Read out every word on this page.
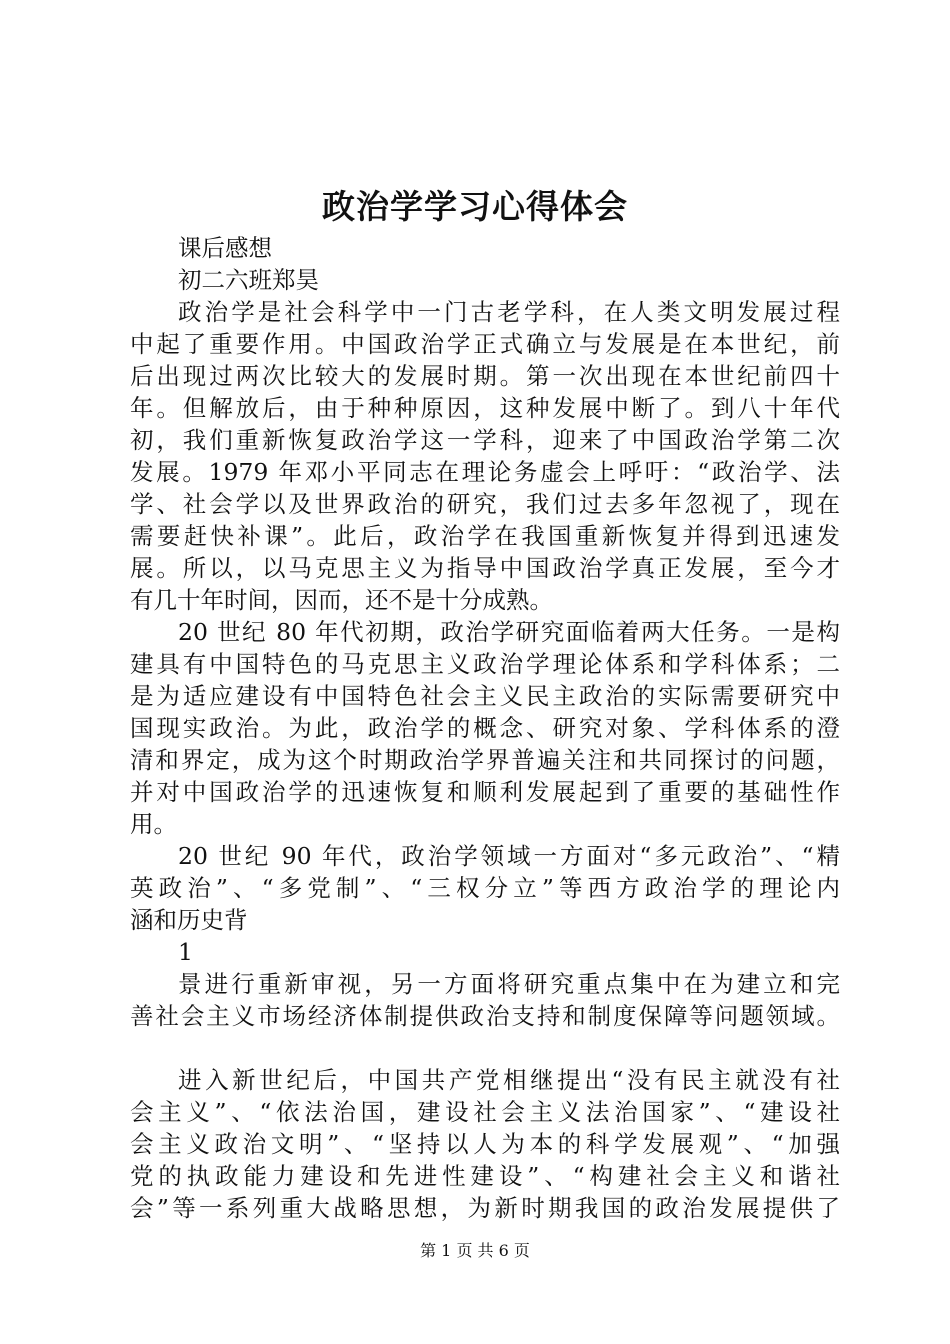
政治学学习心得体会

课后感想

初二六班郑昊

政治学是社会科学中一门古老学科，在人类文明发展过程

中起了重要作用。中国政治学正式确立与发展是在本世纪，前

后出现过两次比较大的发展时期。第一次出现在本世纪前四十

年。但解放后，由于种种原因，这种发展中断了。到八十年代

初，我们重新恢复政治学这一学科，迎来了中国政治学第二次

发展。1979 年邓小平同志在理论务虚会上呼吁：“政治学、法

学、社会学以及世界政治的研究，我们过去多年忽视了，现在

需要赶快补课”。此后，政治学在我国重新恢复并得到迅速发

展。所以，以马克思主义为指导中国政治学真正发展，至今才

有几十年时间，因而，还不是十分成熟。

20 世纪 80 年代初期，政治学研究面临着两大任务。一是构

建具有中国特色的马克思主义政治学理论体系和学科体系；二

是为适应建设有中国特色社会主义民主政治的实际需要研究中

国现实政治。为此，政治学的概念、研究对象、学科体系的澄

清和界定，成为这个时期政治学界普遍关注和共同探讨的问题，

并对中国政治学的迅速恢复和顺利发展起到了重要的基础性作

用。

20 世纪 90 年代，政治学领域一方面对“多元政治”、“精

英政治”、“多党制”、“三权分立”等西方政治学的理论内

涵和历史背

1

景进行重新审视，另一方面将研究重点集中在为建立和完

善社会主义市场经济体制提供政治支持和制度保障等问题领域。

进入新世纪后，中国共产党相继提出“没有民主就没有社

会主义”、“依法治国，建设社会主义法治国家”、“建设社

会主义政治文明”、“坚持以人为本的科学发展观”、“加强

党的执政能力建设和先进性建设”、“构建社会主义和谐社

会”等一系列重大战略思想，为新时期我国的政治发展提供了

第 1 页 共 6 页
